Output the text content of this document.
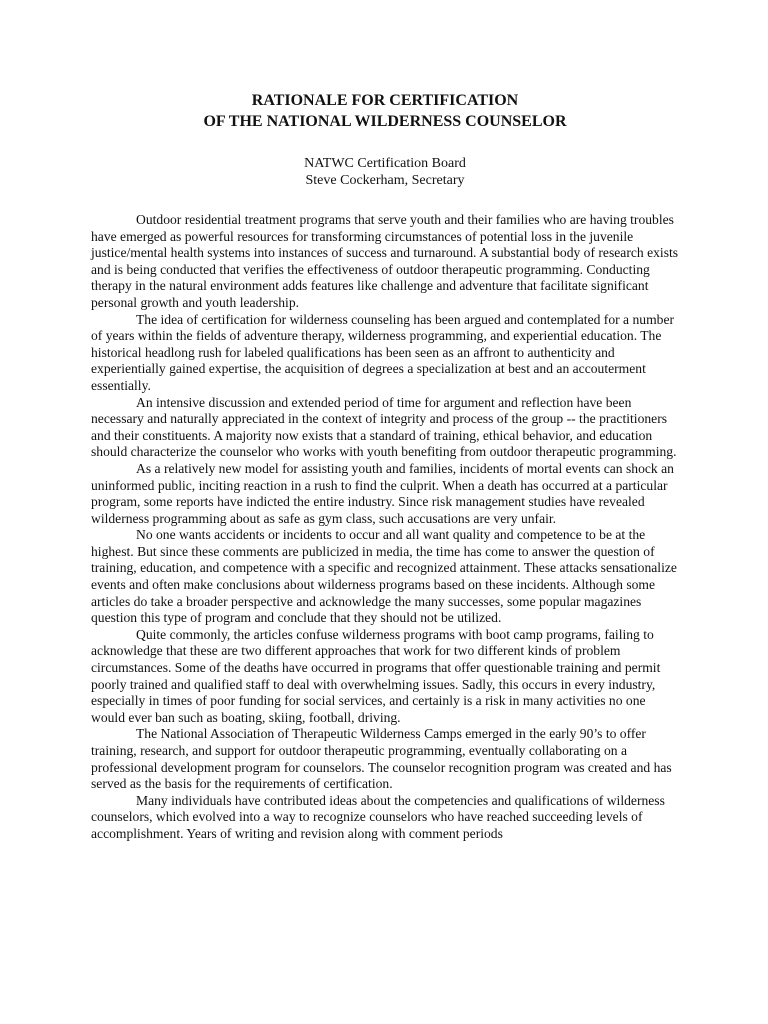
RATIONALE FOR CERTIFICATION
OF THE NATIONAL WILDERNESS COUNSELOR
NATWC Certification Board
Steve Cockerham, Secretary

Outdoor residential treatment programs that serve youth and their families who are having troubles have emerged as powerful resources for transforming circumstances of potential loss in the juvenile justice/mental health systems into instances of success and turnaround. A substantial body of research exists and is being conducted that verifies the effectiveness of outdoor therapeutic programming. Conducting therapy in the natural environment adds features like challenge and adventure that facilitate significant personal growth and youth leadership.

The idea of certification for wilderness counseling has been argued and contemplated for a number of years within the fields of adventure therapy, wilderness programming, and experiential education. The historical headlong rush for labeled qualifications has been seen as an affront to authenticity and experientially gained expertise, the acquisition of degrees a specialization at best and an accouterment essentially.

An intensive discussion and extended period of time for argument and reflection have been necessary and naturally appreciated in the context of integrity and process of the group -- the practitioners and their constituents. A majority now exists that a standard of training, ethical behavior, and education should characterize the counselor who works with youth benefiting from outdoor therapeutic programming.

As a relatively new model for assisting youth and families, incidents of mortal events can shock an uninformed public, inciting reaction in a rush to find the culprit. When a death has occurred at a particular program, some reports have indicted the entire industry. Since risk management studies have revealed wilderness programming about as safe as gym class, such accusations are very unfair.

No one wants accidents or incidents to occur and all want quality and competence to be at the highest. But since these comments are publicized in media, the time has come to answer the question of training, education, and competence with a specific and recognized attainment. These attacks sensationalize events and often make conclusions about wilderness programs based on these incidents. Although some articles do take a broader perspective and acknowledge the many successes, some popular magazines question this type of program and conclude that they should not be utilized.

Quite commonly, the articles confuse wilderness programs with boot camp programs, failing to acknowledge that these are two different approaches that work for two different kinds of problem circumstances. Some of the deaths have occurred in programs that offer questionable training and permit poorly trained and qualified staff to deal with overwhelming issues. Sadly, this occurs in every industry, especially in times of poor funding for social services, and certainly is a risk in many activities no one would ever ban such as boating, skiing, football, driving.

The National Association of Therapeutic Wilderness Camps emerged in the early 90’s to offer training, research, and support for outdoor therapeutic programming, eventually collaborating on a professional development program for counselors. The counselor recognition program was created and has served as the basis for the requirements of certification.

Many individuals have contributed ideas about the competencies and qualifications of wilderness counselors, which evolved into a way to recognize counselors who have reached succeeding levels of accomplishment. Years of writing and revision along with comment periods
